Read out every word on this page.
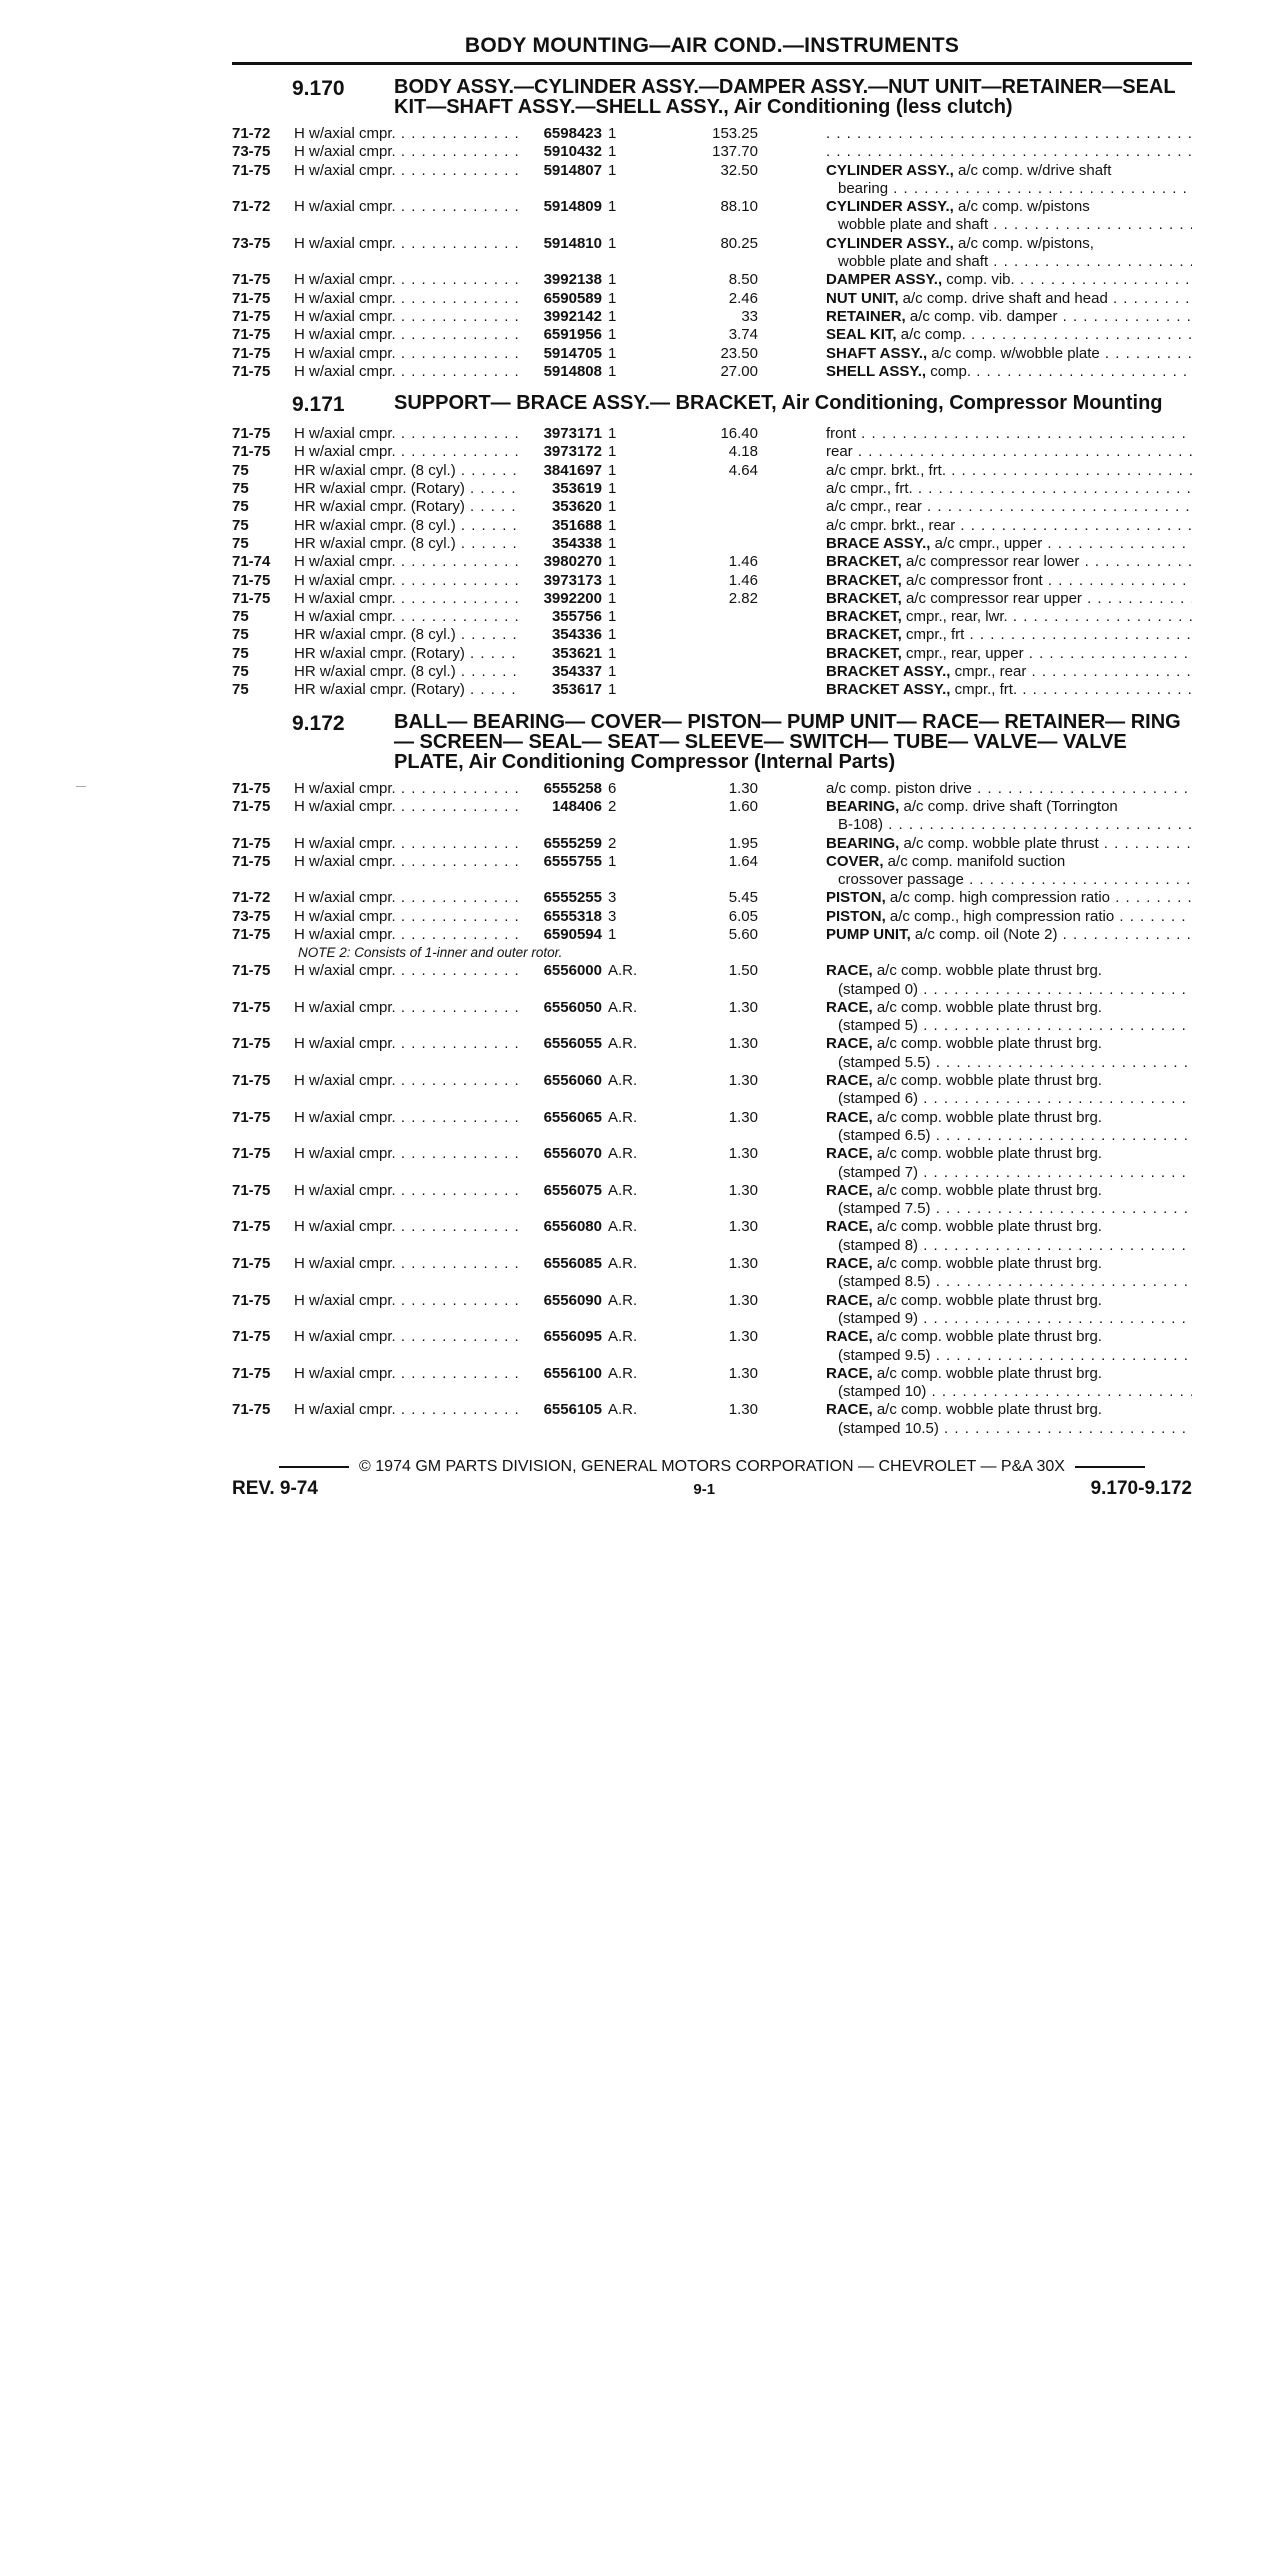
BODY MOUNTING—AIR COND.—INSTRUMENTS
9.170	BODY ASSY.—CYLINDER ASSY.—DAMPER ASSY.—NUT UNIT—RETAINER—SEAL KIT—SHAFT ASSY.—SHELL ASSY., Air Conditioning (less clutch)
71-72 H w/axial cmpr. . . .	6598423 1	153.25
. . .
73-75 H w/axial cmpr. . . .	5910432 1	137.70
. . .
71-75 H w/axial cmpr. . . .	5914807 1	32.50	CYLINDER ASSY., a/c comp. w/drive shaft
bearing . . .
71-72 H w/axial cmpr. . . .	5914809 1	88.10	CYLINDER ASSY., a/c comp. w/pistons
wobble plate and shaft . . .
73-75 H w/axial cmpr. . . .	5914810 1	80.25	CYLINDER ASSY., a/c comp. w/pistons,
wobble plate and shaft . . .
71-75 H w/axial cmpr. . . .	3992138 1	8.50	DAMPER ASSY., comp. vib. . . .
71-75 H w/axial cmpr. . . .	6590589 1	2.46	NUT UNIT, a/c comp. drive shaft and head . . .
71-75 H w/axial cmpr. . . .	3992142 1	33	RETAINER, a/c comp. vib. damper . . .
71-75 H w/axial cmpr. . . .	6591956 1	3.74	SEAL KIT, a/c comp. . . .
71-75 H w/axial cmpr. . . .	5914705 1	23.50	SHAFT ASSY., a/c comp. w/wobble plate . . .
71-75 H w/axial cmpr. . . .	5914808 1	27.00	SHELL ASSY., comp. . . .
9.171	SUPPORT— BRACE ASSY.— BRACKET, Air Conditioning, Compressor Mounting
71-75 H w/axial cmpr. . . .	3973171 1	16.40	front . . .
71-75 H w/axial cmpr. . . .	3973172 1	4.18	rear . . .
75	HR w/axial cmpr. (8 cyl.) . . .	3841697 1	4.64	a/c cmpr. brkt., frt. . . .
75	HR w/axial cmpr. (Rotary) . . .	353619 1	a/c cmpr., frt. . . .
75	HR w/axial cmpr. (Rotary) . . .	353620 1	a/c cmpr., rear . . .
75	HR w/axial cmpr. (8 cyl.) . . .	351688 1	a/c cmpr. brkt., rear . . .
75	HR w/axial cmpr. (8 cyl.) . . .	354338 1	BRACE ASSY., a/c cmpr., upper . . .
71-74 H w/axial cmpr. . . .	3980270 1	1.46	BRACKET, a/c compressor rear lower . . .
71-75 H w/axial cmpr. . . .	3973173 1	1.46	BRACKET, a/c compressor front . . .
71-75 H w/axial cmpr. . . .	3992200 1	2.82	BRACKET, a/c compressor rear upper . . .
75	H w/axial cmpr. . . .	355756 1	BRACKET, cmpr., rear, lwr. . . .
75	HR w/axial cmpr. (8 cyl.) . . .	354336 1	BRACKET, cmpr., frt . . .
75	HR w/axial cmpr. (Rotary) . . .	353621 1	BRACKET, cmpr., rear, upper . . .
75	HR w/axial cmpr. (8 cyl.) . . .	354337 1	BRACKET ASSY., cmpr., rear . . .
75	HR w/axial cmpr. (Rotary) . . .	353617 1	BRACKET ASSY., cmpr., frt. . . .
9.172	BALL— BEARING— COVER— PISTON— PUMP UNIT— RACE— RETAINER— RING— SCREEN— SEAL— SEAT— SLEEVE— SWITCH— TUBE— VALVE— VALVE PLATE, Air Conditioning Compressor (Internal Parts)
71-75 H w/axial cmpr. . . .	6555258 6	1.30	a/c comp. piston drive . . .
71-75 H w/axial cmpr. . . .	148406 2	1.60	BEARING, a/c comp. drive shaft (Torrington
B-108) . . .
71-75 H w/axial cmpr. . . .	6555259 2	1.95	BEARING, a/c comp. wobble plate thrust . . .
71-75 H w/axial cmpr. . . .	6555755 1	1.64	COVER, a/c comp. manifold suction
crossover passage . . .
71-72 H w/axial cmpr. . . .	6555255 3	5.45	PISTON, a/c comp. high compression ratio . . .
73-75 H w/axial cmpr. . . .	6555318 3	6.05	PISTON, a/c comp., high compression ratio . . .
71-75 H w/axial cmpr. . . .	6590594 1	5.60	PUMP UNIT, a/c comp. oil (Note 2) . . .
NOTE 2: Consists of 1-inner and outer rotor.
71-75 H w/axial cmpr. . . .	6556000 A.R.	1.50	RACE, a/c comp. wobble plate thrust brg.
(stamped 0) . . .
71-75 H w/axial cmpr. . . .	6556050 A.R.	1.30	RACE, a/c comp. wobble plate thrust brg.
(stamped 5) . . .
71-75 H w/axial cmpr. . . .	6556055 A.R.	1.30	RACE, a/c comp. wobble plate thrust brg.
(stamped 5.5) . . .
71-75 H w/axial cmpr. . . .	6556060 A.R.	1.30	RACE, a/c comp. wobble plate thrust brg.
(stamped 6) . . .
71-75 H w/axial cmpr. . . .	6556065 A.R.	1.30	RACE, a/c comp. wobble plate thrust brg.
(stamped 6.5) . . .
71-75 H w/axial cmpr. . . .	6556070 A.R.	1.30	RACE, a/c comp. wobble plate thrust brg.
(stamped 7) . . .
71-75 H w/axial cmpr. . . .	6556075 A.R.	1.30	RACE, a/c comp. wobble plate thrust brg.
(stamped 7.5) . . .
71-75 H w/axial cmpr. . . .	6556080 A.R.	1.30	RACE, a/c comp. wobble plate thrust brg.
(stamped 8) . . .
71-75 H w/axial cmpr. . . .	6556085 A.R.	1.30	RACE, a/c comp. wobble plate thrust brg.
(stamped 8.5) . . .
71-75 H w/axial cmpr. . . .	6556090 A.R.	1.30	RACE, a/c comp. wobble plate thrust brg.
(stamped 9) . . .
71-75 H w/axial cmpr. . . .	6556095 A.R.	1.30	RACE, a/c comp. wobble plate thrust brg.
(stamped 9.5) . . .
71-75 H w/axial cmpr. . . .	6556100 A.R.	1.30	RACE, a/c comp. wobble plate thrust brg.
(stamped 10) . . .
71-75 H w/axial cmpr. . . .	6556105 A.R.	1.30	RACE, a/c comp. wobble plate thrust brg.
(stamped 10.5) . . .
© 1974 GM PARTS DIVISION, GENERAL MOTORS CORPORATION — CHEVROLET — P&A 30X
REV. 9-74	9-1	9.170-9.172
